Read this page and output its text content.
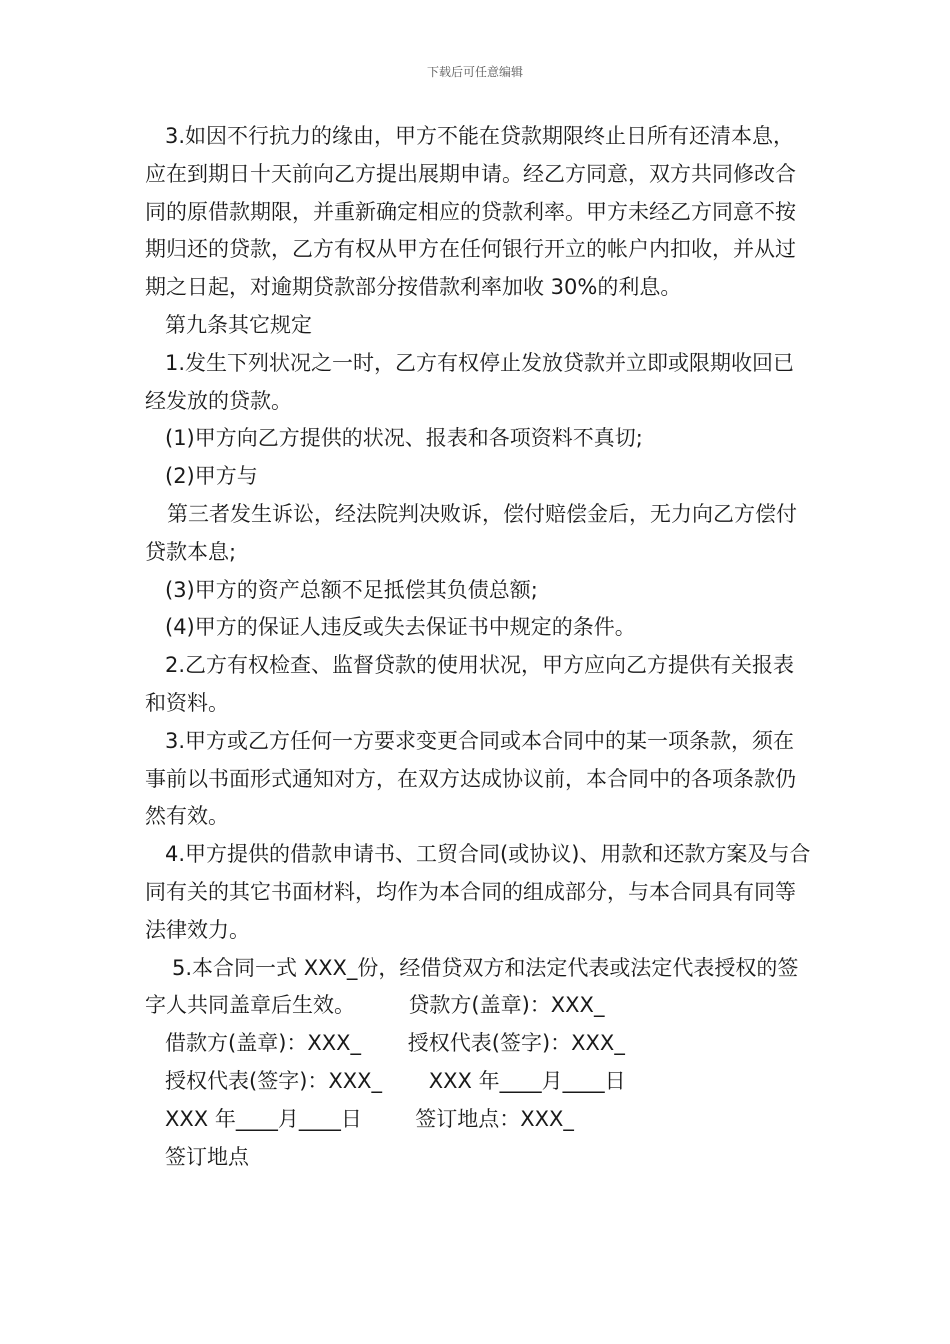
下载后可任意编辑

3.如因不行抗力的缘由，甲方不能在贷款期限终止日所有还清本息，应在到期日十天前向乙方提出展期申请。经乙方同意，双方共同修改合同的原借款期限，并重新确定相应的贷款利率。甲方未经乙方同意不按期归还的贷款，乙方有权从甲方在任何银行开立的帐户内扣收，并从过期之日起，对逾期贷款部分按借款利率加收 30%的利息。

第九条其它规定

1.发生下列状况之一时，乙方有权停止发放贷款并立即或限期收回已经发放的贷款。

(1)甲方向乙方提供的状况、报表和各项资料不真切;

(2)甲方与

第三者发生诉讼，经法院判决败诉，偿付赔偿金后，无力向乙方偿付贷款本息;

(3)甲方的资产总额不足抵偿其负债总额;

(4)甲方的保证人违反或失去保证书中规定的条件。

2.乙方有权检查、监督贷款的使用状况，甲方应向乙方提供有关报表和资料。

3.甲方或乙方任何一方要求变更合同或本合同中的某一项条款，须在事前以书面形式通知对方，在双方达成协议前，本合同中的各项条款仍然有效。

4.甲方提供的借款申请书、工贸合同(或协议)、用款和还款方案及与合同有关的其它书面材料，均作为本合同的组成部分，与本合同具有同等法律效力。

5.本合同一式 XXX_份，经借贷双方和法定代表或法定代表授权的签字人共同盖章后生效。        贷款方(盖章)：XXX_

借款方(盖章)：XXX_       授权代表(签字)：XXX_

授权代表(签字)：XXX_       XXX 年____月____日

XXX 年____月____日        签订地点：XXX_

签订地点
